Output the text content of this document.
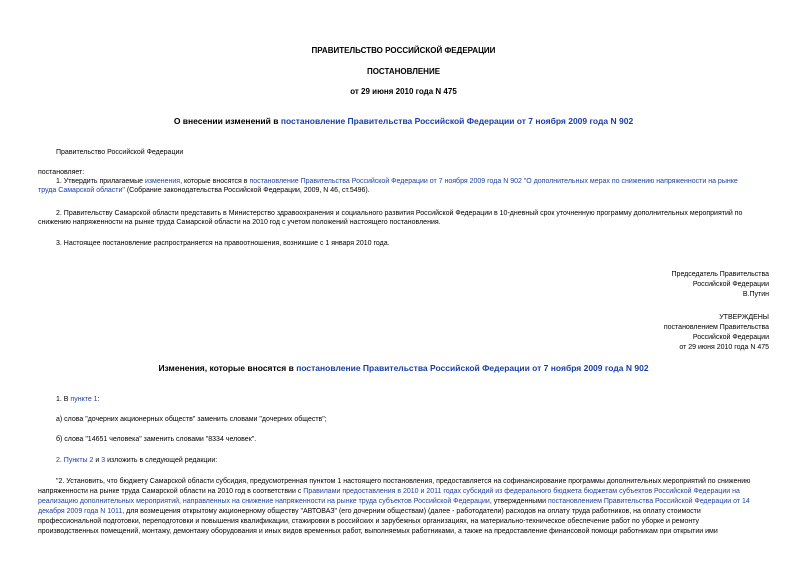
ПРАВИТЕЛЬСТВО РОССИЙСКОЙ ФЕДЕРАЦИИ
ПОСТАНОВЛЕНИЕ
от 29 июня 2010 года N 475
О внесении изменений в постановление Правительства Российской Федерации от 7 ноября 2009 года N 902
Правительство Российской Федерации
постановляет:
1. Утвердить прилагаемые изменения, которые вносятся в постановление Правительства Российской Федерации от 7 ноября 2009 года N 902 "О дополнительных мерах по снижению напряженности на рынке
труда Самарской области" (Собрание законодательства Российской Федерации, 2009, N 46, ст.5496).
2. Правительству Самарской области представить в Министерство здравоохранения и социального развития Российской Федерации в 10-дневный срок уточненную программу дополнительных мероприятий по
снижению напряженности на рынке труда Самарской области на 2010 год с учетом положений настоящего постановления.
3. Настоящее постановление распространяется на правоотношения, возникшие с 1 января 2010 года.
Председатель Правительства
Российской Федерации
В.Путин
УТВЕРЖДЕНЫ
постановлением Правительства
Российской Федерации
от 29 июня 2010 года N 475
Изменения, которые вносятся в постановление Правительства Российской Федерации от 7 ноября 2009 года N 902
1. В пункте 1:
а) слова "дочерних акционерных обществ" заменить словами "дочерних обществ";
б) слова "14651 человека" заменить словами "8334 человек".
2. Пункты 2 и 3 изложить в следующей редакции:
"2. Установить, что бюджету Самарской области субсидия, предусмотренная пунктом 1 настоящего постановления, предоставляется на софинансирование программы дополнительных мероприятий по снижению
напряженности на рынке труда Самарской области на 2010 год в соответствии с Правилами предоставления в 2010 и 2011 годах субсидий из федерального бюджета бюджетам субъектов Российской Федерации на
реализацию дополнительных мероприятий, направленных на снижение напряженности на рынке труда субъектов Российской Федерации, утвержденными постановлением Правительства Российской Федерации от 14
декабря 2009 года N 1011, для возмещения открытому акционерному обществу "АВТОВАЗ" (его дочерним обществам) (далее - работодатели) расходов на оплату труда работников, на оплату стоимости
профессиональной подготовки, переподготовки и повышения квалификации, стажировки в российских и зарубежных организациях, на материально-техническое обеспечение работ по уборке и ремонту
производственных помещений, монтажу, демонтажу оборудования и иных видов временных работ, выполняемых работниками, а также на предоставление финансовой помощи работникам при открытии ими
